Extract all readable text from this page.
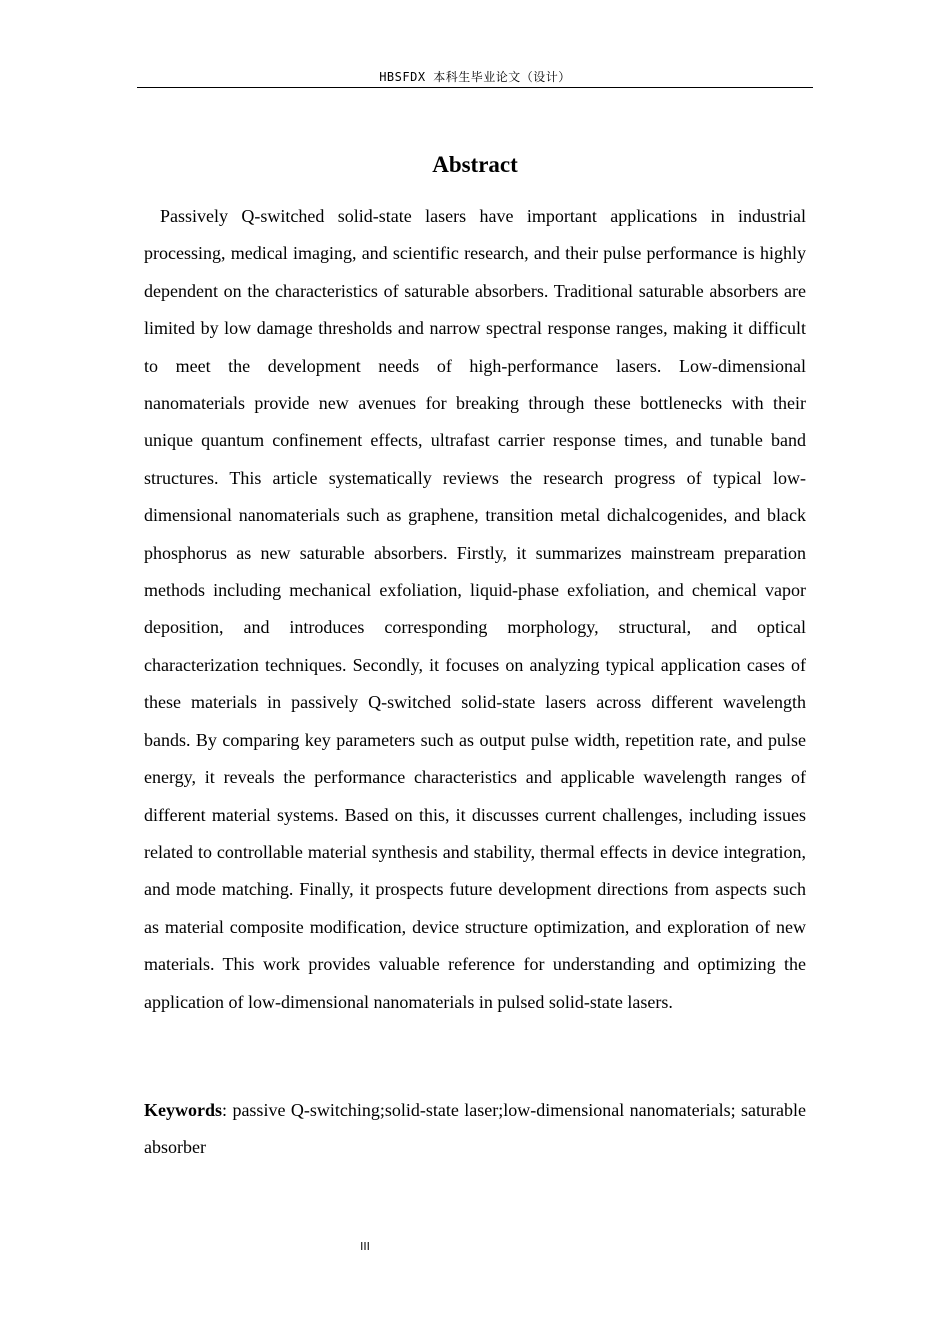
HBSFDX 本科生毕业论文（设计）
Abstract

Passively Q-switched solid-state lasers have important applications in industrial processing, medical imaging, and scientific research, and their pulse performance is highly dependent on the characteristics of saturable absorbers. Traditional saturable absorbers are limited by low damage thresholds and narrow spectral response ranges, making it difficult to meet the development needs of high-performance lasers. Low-dimensional nanomaterials provide new avenues for breaking through these bottlenecks with their unique quantum confinement effects, ultrafast carrier response times, and tunable band structures. This article systematically reviews the research progress of typical low-dimensional nanomaterials such as graphene, transition metal dichalcogenides, and black phosphorus as new saturable absorbers. Firstly, it summarizes mainstream preparation methods including mechanical exfoliation, liquid-phase exfoliation, and chemical vapor deposition, and introduces corresponding morphology, structural, and optical characterization techniques. Secondly, it focuses on analyzing typical application cases of these materials in passively Q-switched solid-state lasers across different wavelength bands. By comparing key parameters such as output pulse width, repetition rate, and pulse energy, it reveals the performance characteristics and applicable wavelength ranges of different material systems. Based on this, it discusses current challenges, including issues related to controllable material synthesis and stability, thermal effects in device integration, and mode matching. Finally, it prospects future development directions from aspects such as material composite modification, device structure optimization, and exploration of new materials. This work provides valuable reference for understanding and optimizing the application of low-dimensional nanomaterials in pulsed solid-state lasers.

Keywords: passive Q-switching;solid-state laser;low-dimensional nanomaterials; saturable absorber

III
